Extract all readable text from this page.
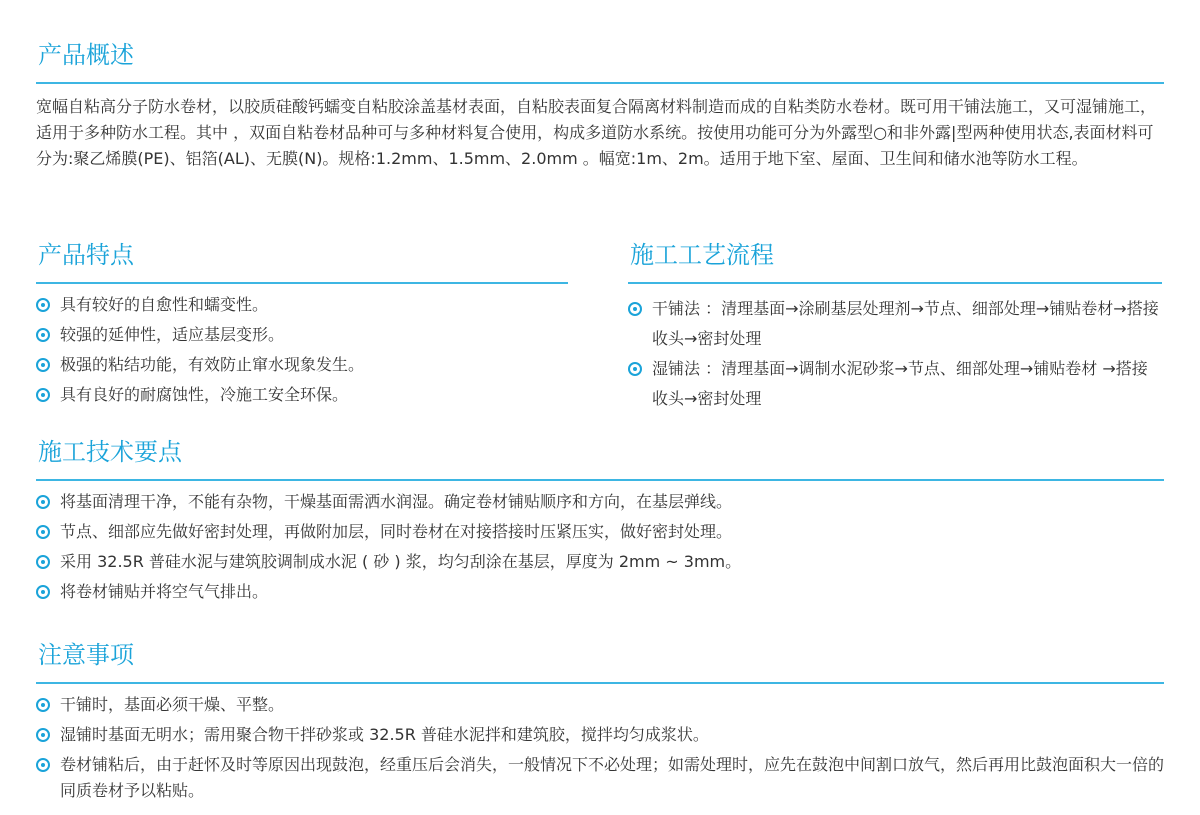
产品概述

宽幅自粘高分子防水卷材，以胶质硅酸钙蠕变自粘胶涂盖基材表面，自粘胶表面复合隔离材料制造而成的自粘类防水卷材。既可用干铺法施工，又可湿铺施工，适用于多种防水工程。其中 ，双面自粘卷材品种可与多种材料复合使用，构成多道防水系统。按使用功能可分为外露型○和非外露|型两种使用状态,表面材料可分为:聚乙烯膜(PE)、铝箔(AL)、无膜(N)。规格:1.2mm、1.5mm、2.0mm 。幅宽:1m、2m。适用于地下室、屋面、卫生间和储水池等防水工程。

产品特点
具有较好的自愈性和蠕变性。
较强的延伸性，适应基层变形。
极强的粘结功能，有效防止窜水现象发生。
具有良好的耐腐蚀性，冷施工安全环保。
施工工艺流程
干铺法 ：清理基面→涂刷基层处理剂→节点、细部处理→铺贴卷材→搭接收头→密封处理
湿铺法 ：清理基面→调制水泥砂浆→节点、细部处理→铺贴卷材 →搭接收头→密封处理
施工技术要点
将基面清理干净，不能有杂物，干燥基面需洒水润湿。确定卷材铺贴顺序和方向，在基层弹线。
节点、细部应先做好密封处理，再做附加层，同时卷材在对接搭接时压紧压实，做好密封处理。
采用 32.5R 普硅水泥与建筑胶调制成水泥 ( 砂 ) 浆，均匀刮涂在基层，厚度为 2mm ~ 3mm。
将卷材铺贴并将空气气排出。
注意事项
干铺时，基面必须干燥、平整。
湿铺时基面无明水；需用聚合物干拌砂浆或 32.5R 普硅水泥拌和建筑胶，搅拌均匀成浆状。
卷材铺粘后，由于赶怀及时等原因出现鼓泡，经重压后会消失，一般情况下不必处理；如需处理时，应先在鼓泡中间割口放气，然后再用比鼓泡面积大一倍的同质卷材予以粘贴。
